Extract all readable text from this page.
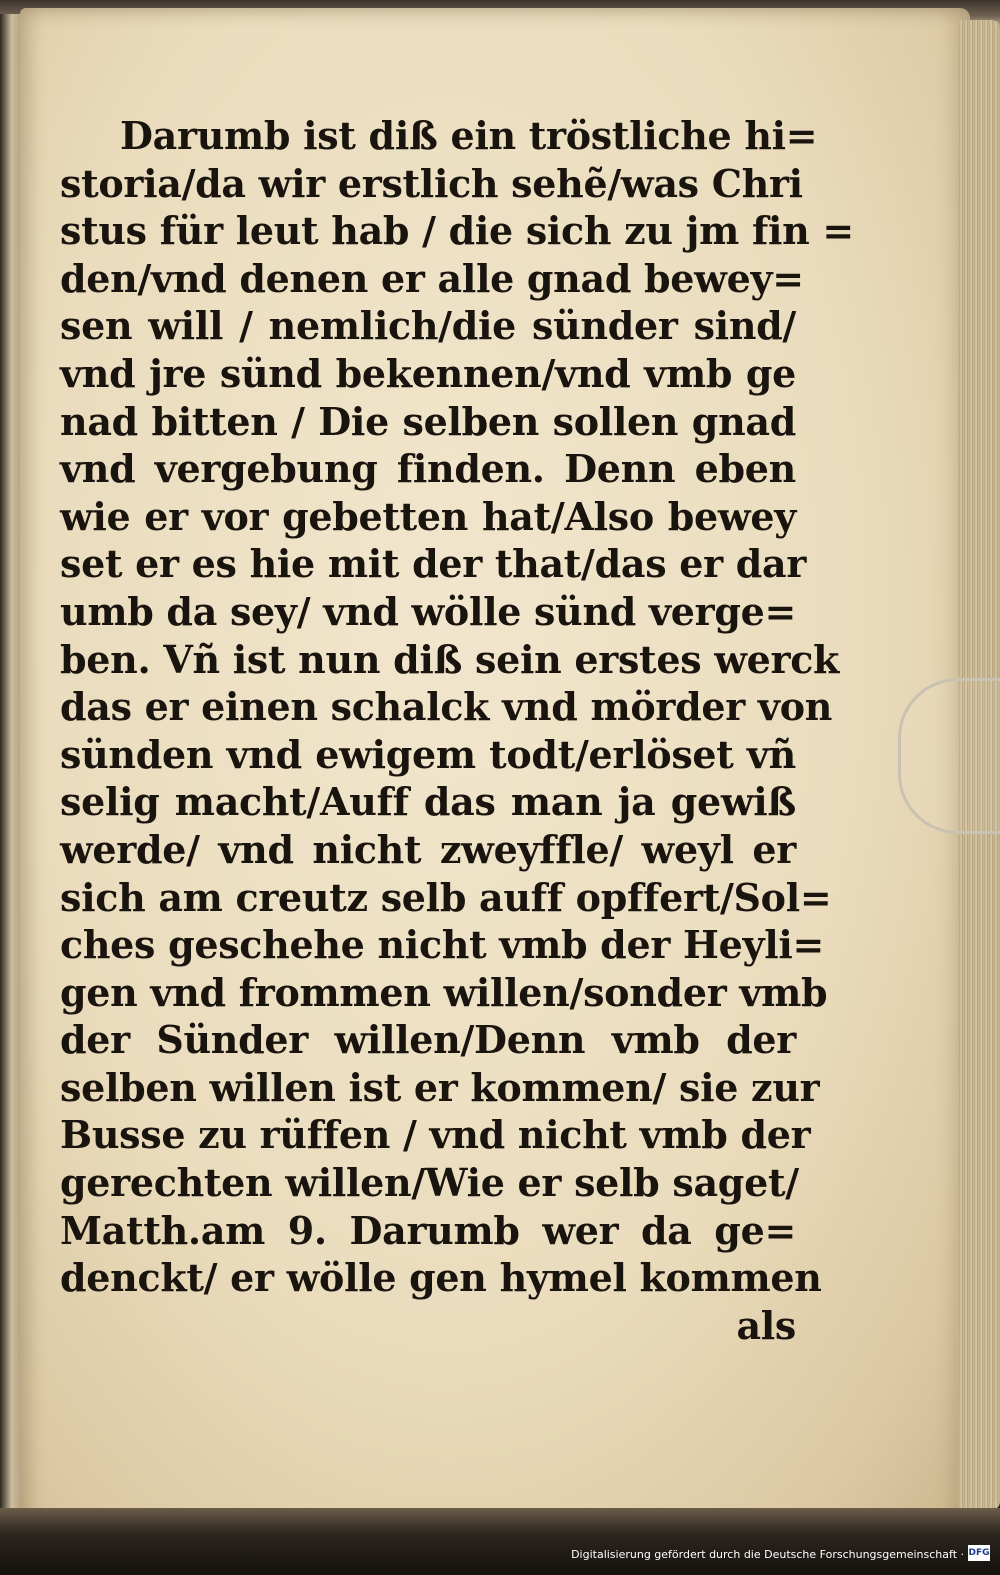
Darumb ist diß ein tröstliche hi=
storia/da wir erstlich sehẽ/was Chri
stus für leut hab / die sich zu jm fin =
den/vnd denen er alle gnad bewey=
sen will / nemlich/die sünder sind/
vnd jre sünd bekennen/vnd vmb ge
nad bitten / Die selben sollen gnad
vnd vergebung finden. Denn eben
wie er vor gebetten hat/Also bewey
set er es hie mit der that/das er dar
umb da sey/ vnd wölle sünd verge=
ben. Vñ ist nun diß sein erstes werck
das er einen schalck vnd mörder von
sünden vnd ewigem todt/erlöset vñ
selig macht/Auff das man ja gewiß
werde/ vnd nicht zweyffle/ weyl er
sich am creutz selb auff opffert/Sol=
ches geschehe nicht vmb der Heyli=
gen vnd frommen willen/sonder vmb
der Sünder willen/Denn vmb der
selben willen ist er kommen/ sie zur
Busse zu rüffen / vnd nicht vmb der
gerechten willen/Wie er selb saget/
Matth.am 9. Darumb wer da ge=
denckt/ er wölle gen hymel kommen
als
Digitalisierung gefördert durch die Deutsche Forschungsgemeinschaft · DFG
